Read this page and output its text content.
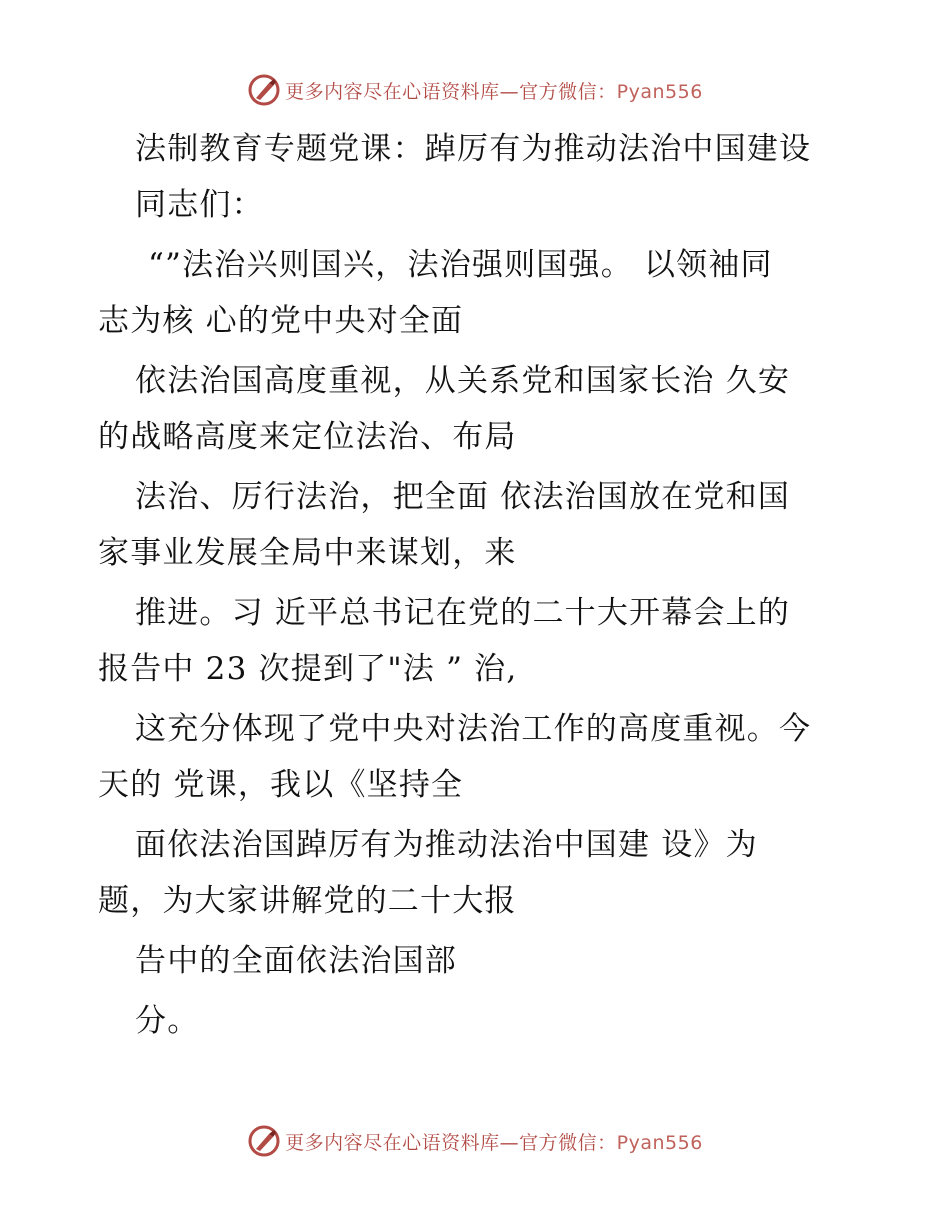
更多内容尽在心语资料库—官方微信：Pyan556
法制教育专题党课：踔厉有为推动法治中国建设
同志们：
“”法治兴则国兴，法治强则国强。 以领袖同
志为核 心的党中央对全面
依法治国高度重视，从关系党和国家长治 久安
的战略高度来定位法治、布局
法治、厉行法治，把全面 依法治国放在党和国
家事业发展全局中来谋划，来
推进。习 近平总书记在党的二十大开幕会上的
报告中 23 次提到了"法 ” 治,
这充分体现了党中央对法治工作的高度重视。今
天的 党课，我以《坚持全
面依法治国踔厉有为推动法治中国建 设》为
题，为大家讲解党的二十大报
告中的全面依法治国部
分。
更多内容尽在心语资料库—官方微信：Pyan556
